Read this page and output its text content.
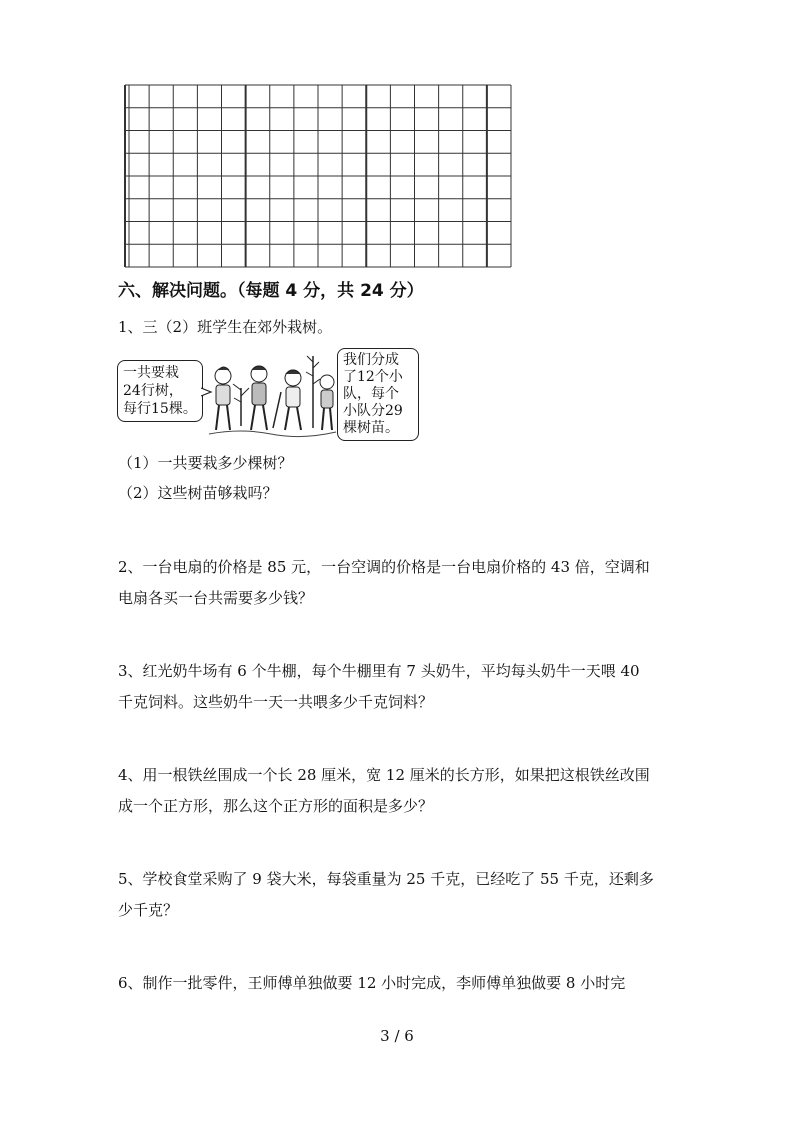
六、解决问题。（每题 4 分，共 24 分）
1、三（2）班学生在郊外栽树。
一共要栽
24行树，
每行15棵。
我们分成
了12个小
队，每个
小队分29
棵树苗。
（1）一共要栽多少棵树？
（2）这些树苗够栽吗？
2、一台电扇的价格是 85 元，一台空调的价格是一台电扇价格的 43 倍，空调和
电扇各买一台共需要多少钱？
3、红光奶牛场有 6 个牛棚，每个牛棚里有 7 头奶牛，平均每头奶牛一天喂 40
千克饲料。这些奶牛一天一共喂多少千克饲料？
4、用一根铁丝围成一个长 28 厘米，宽 12 厘米的长方形，如果把这根铁丝改围
成一个正方形，那么这个正方形的面积是多少？
5、学校食堂采购了 9 袋大米，每袋重量为 25 千克，已经吃了 55 千克，还剩多
少千克？
6、制作一批零件，王师傅单独做要 12 小时完成，李师傅单独做要 8 小时完
3 / 6
